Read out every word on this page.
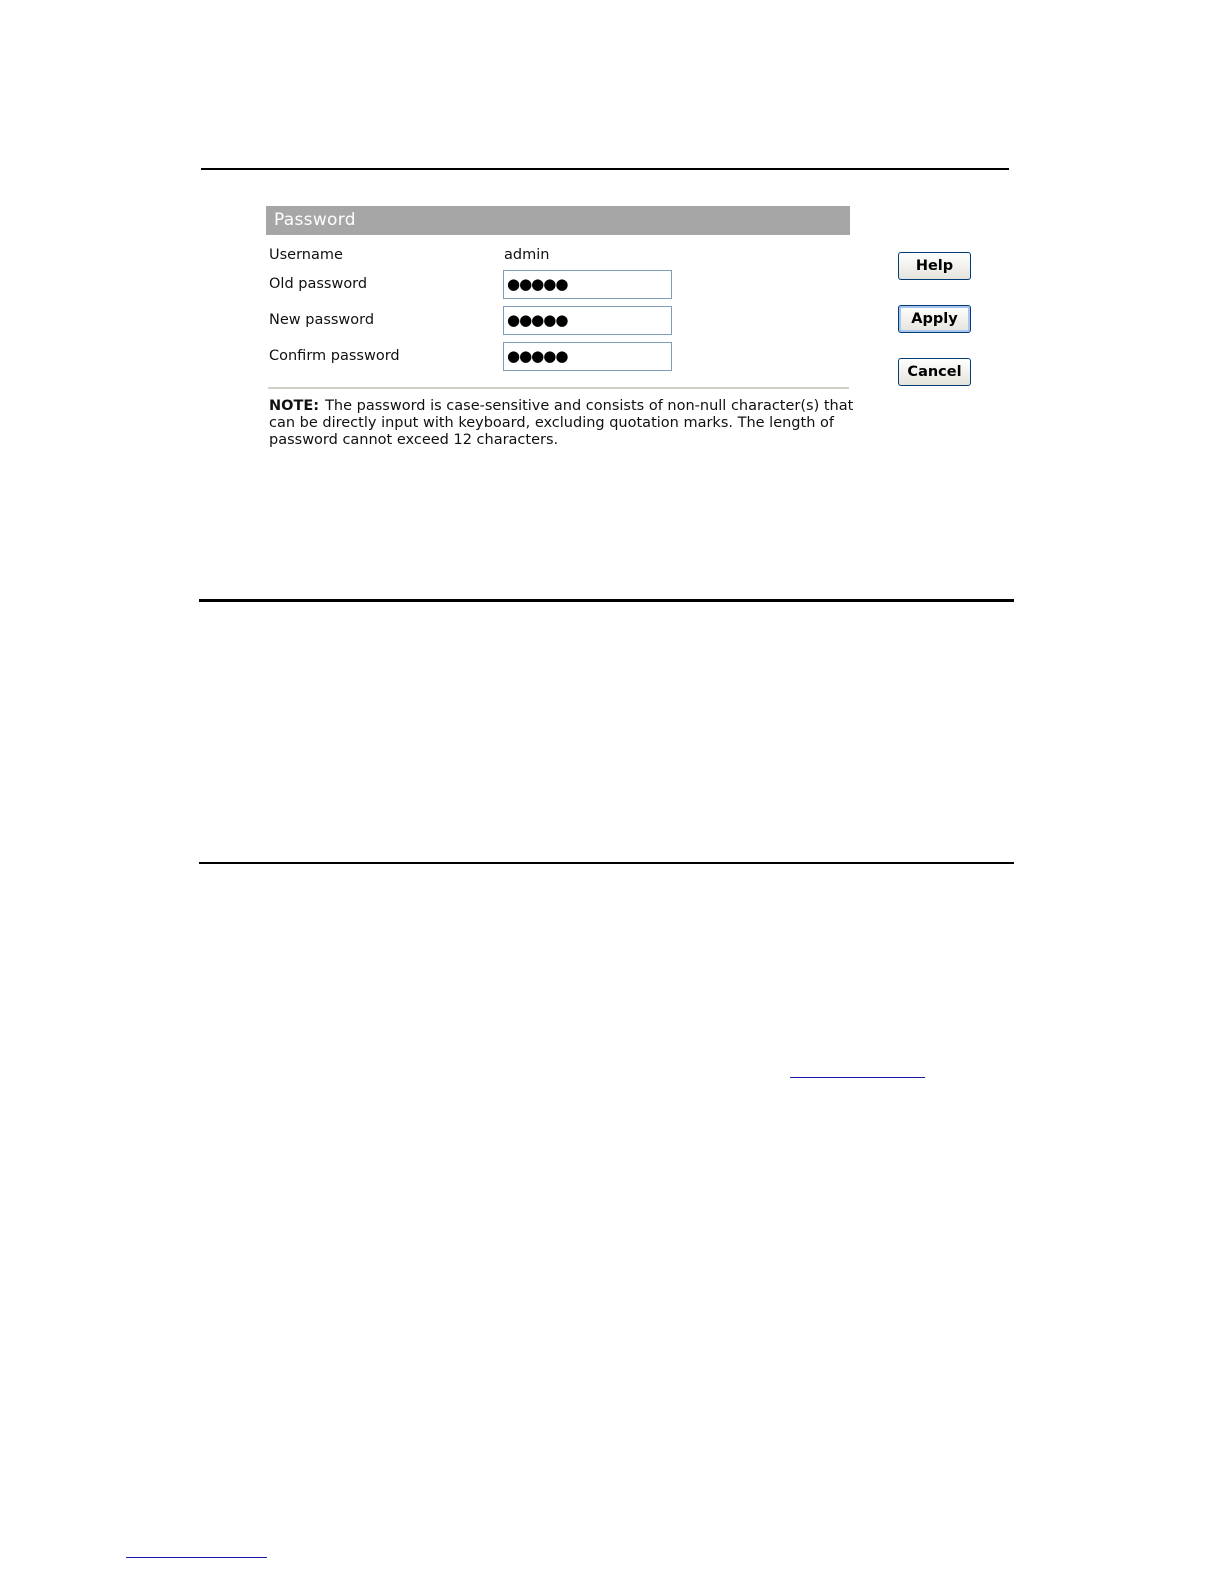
Password
Username	admin
Old password	●●●●●
New password	●●●●●
Confirm password	●●●●●
NOTE: The password is case-sensitive and consists of non-null character(s) that can be directly input with keyboard, excluding quotation marks. The length of password cannot exceed 12 characters.
Help
Apply
Cancel
